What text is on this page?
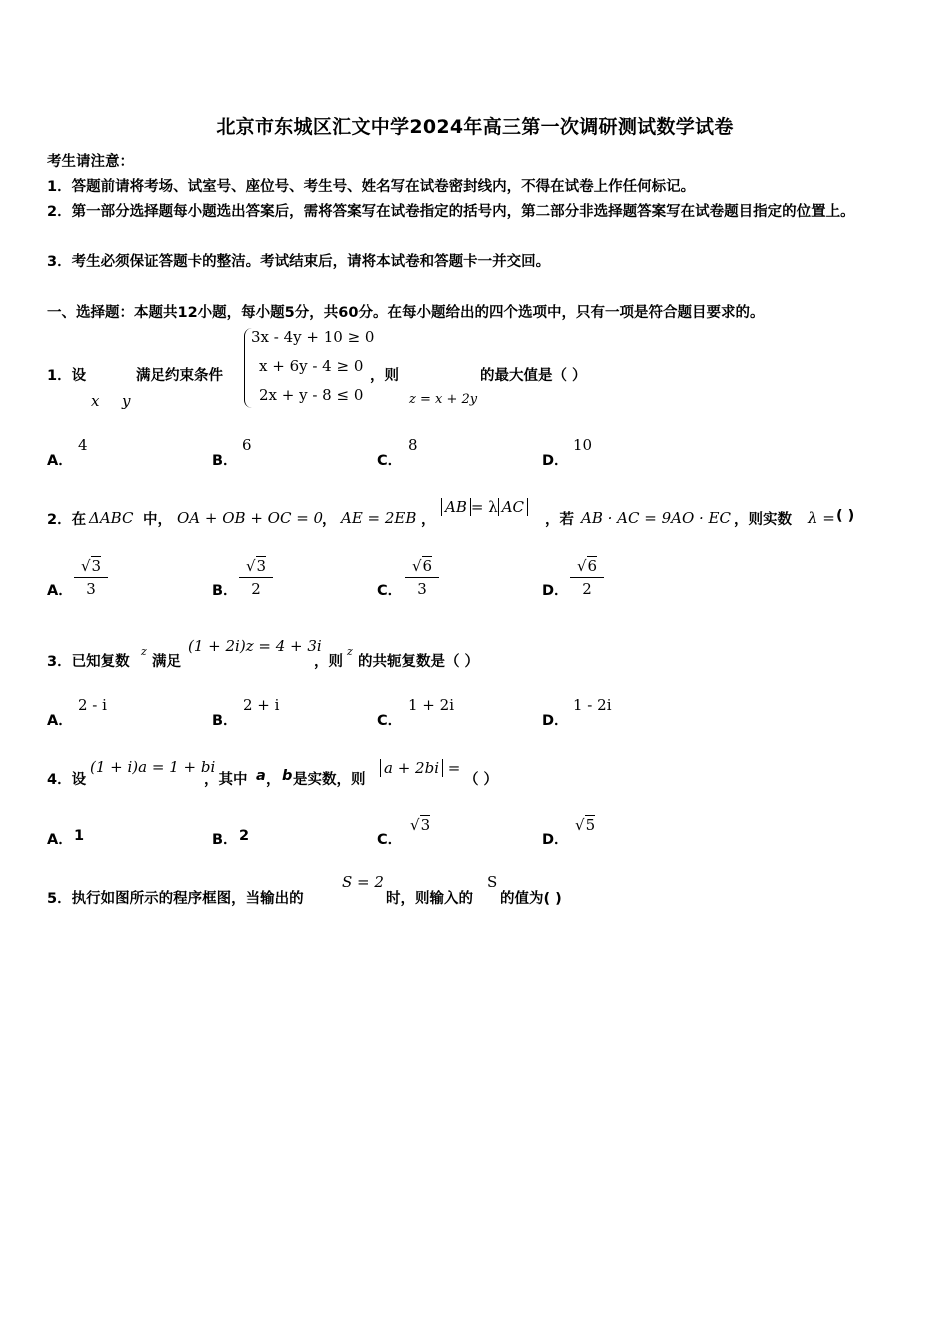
北京市东城区汇文中学2024年高三第一次调研测试数学试卷
考生请注意：
1．答题前请将考场、试室号、座位号、考生号、姓名写在试卷密封线内，不得在试卷上作任何标记。
2．第一部分选择题每小题选出答案后，需将答案写在试卷指定的括号内，第二部分非选择题答案写在试卷题目指定的位置上。
3．考生必须保证答题卡的整洁。考试结束后，请将本试卷和答题卡一并交回。
一、选择题：本题共12小题，每小题5分，共60分。在每小题给出的四个选项中，只有一项是符合题目要求的。
1．设	满足约束条件
x y
3x - 4y + 10 ≥ 0
x + 6y - 4 ≥ 0
2x + y - 8 ≤ 0
，则
z = x + 2y
的最大值是（ ）
A．
4
B．
6
C．
8
D．
10
2．在 ΔABC 中， OA + OB + OC = 0
， AE = 2EB ，
AB = λ AC
，若 AB · AC = 9AO · EC ，则实数 λ = ( )
A． $\frac{√3}{3}$	B． $\frac{√3}{2}$	C． $\frac{√6}{3}$	D． $\frac{√6}{2}$
3．已知复数
z
满足
(1 + 2i)z = 4 + 3i
，则
z
的共轭复数是（ ）
A．
2 - i
B．
2 + i
C．
1 + 2i
D．
1 - 2i
4．设
(1 + i)a = 1 + bi
，其中 a ， b 是实数，则
a + 2bi =
（ ）
A． 1	B． 2	C．
√3
D．
√5
5．执行如图所示的程序框图，当输出的
S = 2
时，则输入的
S
的值为( )
